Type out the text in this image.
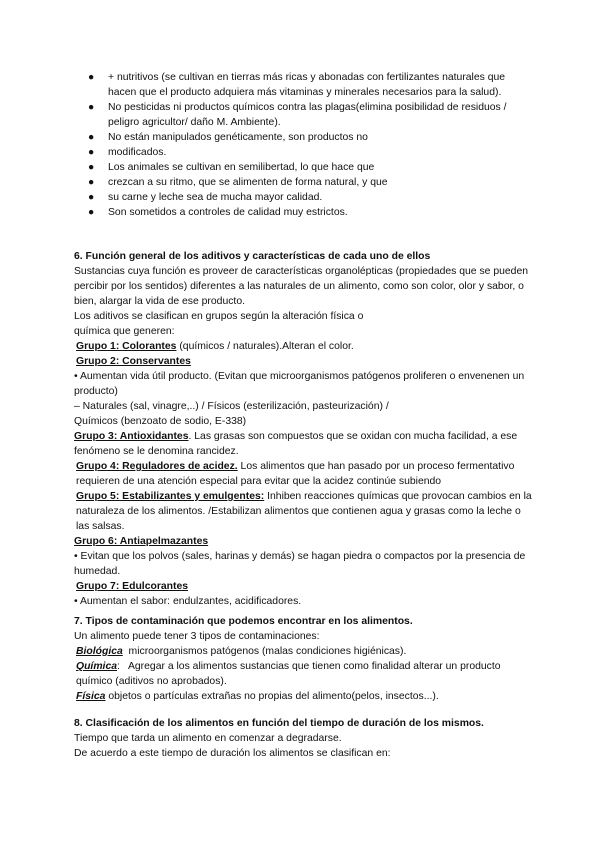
● + nutritivos (se cultivan en tierras más ricas y abonadas con fertilizantes naturales que hacen que el producto adquiera más vitaminas y minerales necesarios para la salud).
● No pesticidas ni productos químicos contra las plagas(elimina posibilidad de residuos / peligro agricultor/ daño M. Ambiente).
● No están manipulados genéticamente, son productos no
● modificados.
● Los animales se cultivan en semilibertad, lo que hace que
● crezcan a su ritmo, que se alimenten de forma natural, y que
● su carne y leche sea de mucha mayor calidad.
● Son sometidos a controles de calidad muy estrictos.
6. Función general de los aditivos y características de cada uno de ellos
Sustancias cuya función es proveer de características organolépticas (propiedades que se pueden percibir por los sentidos) diferentes a las naturales de un alimento, como son color, olor y sabor, o bien, alargar la vida de ese producto.
Los aditivos se clasifican en grupos según la alteración física o química que generen:
Grupo 1: Colorantes (químicos / naturales).Alteran el color.
Grupo 2: Conservantes
• Aumentan vida útil producto. (Evitan que microorganismos patógenos proliferen o envenenen un producto)
– Naturales (sal, vinagre,..) / Físicos (esterilización, pasteurización) /
Químicos (benzoato de sodio, E-338)
Grupo 3: Antioxidantes. Las grasas son compuestos que se oxidan con mucha facilidad, a ese fenómeno se le denomina rancidez.
Grupo 4: Reguladores de acidez. Los alimentos que han pasado por un proceso fermentativo requieren de una atención especial para evitar que la acidez continúe subiendo
Grupo 5: Estabilizantes y emulgentes: Inhiben reacciones químicas que provocan cambios en la naturaleza de los alimentos. /Estabilizan alimentos que contienen agua y grasas como la leche o las salsas.
Grupo 6: Antiapelmazantes
• Evitan que los polvos (sales, harinas y demás) se hagan piedra o compactos por la presencia de humedad.
Grupo 7: Edulcorantes
• Aumentan el sabor: endulzantes, acidificadores.
7. Tipos de contaminación que podemos encontrar en los alimentos.
Un alimento puede tener 3 tipos de contaminaciones:
Biológica  microorganismos patógenos (malas condiciones higiénicas).
Química:   Agregar a los alimentos sustancias que tienen como finalidad alterar un producto químico (aditivos no aprobados).
Física objetos o partículas extrañas no propias del alimento(pelos, insectos...).
8. Clasificación de los alimentos en función del tiempo de duración de los mismos.
Tiempo que tarda un alimento en comenzar a degradarse.
De acuerdo a este tiempo de duración los alimentos se clasifican en:
